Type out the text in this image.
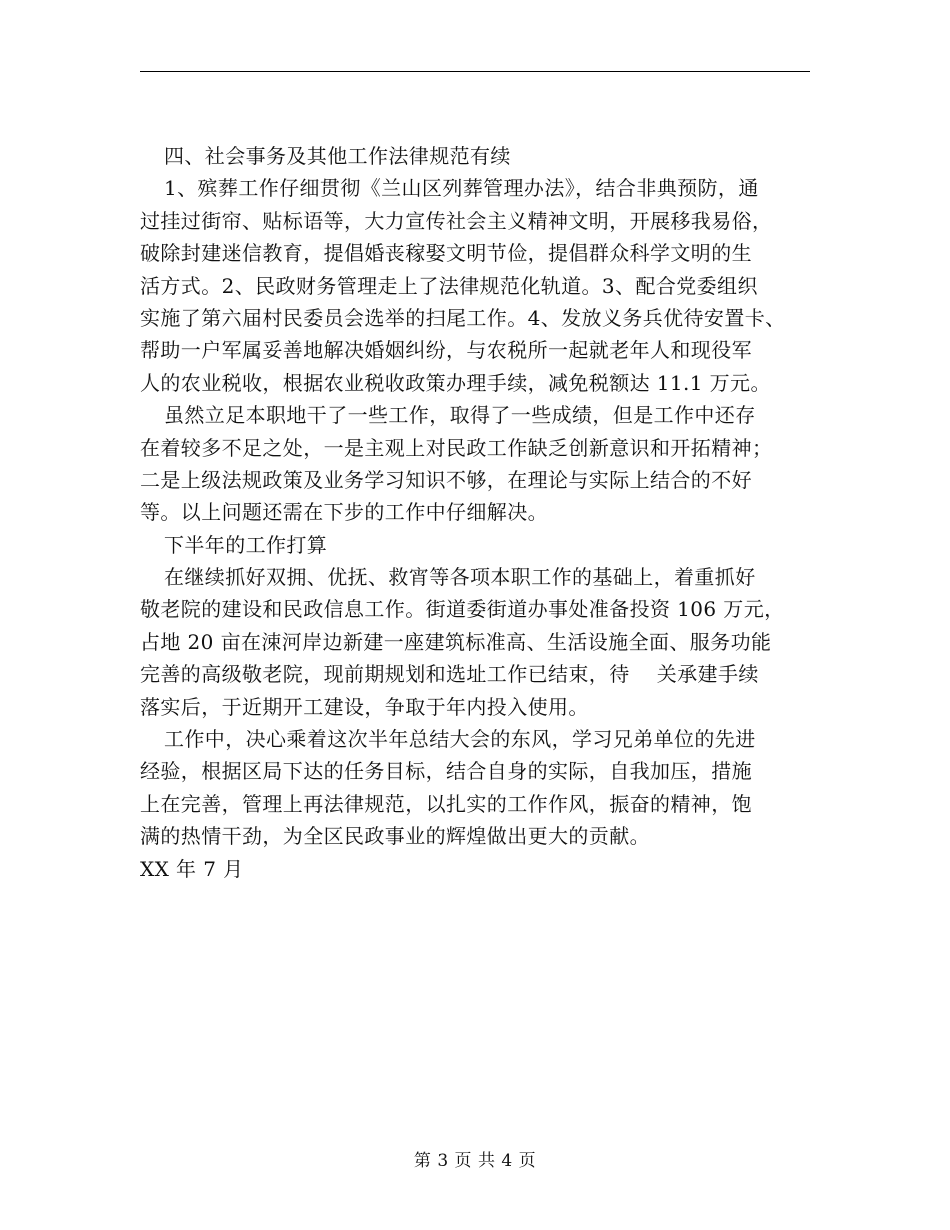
四、社会事务及其他工作法律规范有续
1、殡葬工作仔细贯彻《兰山区列葬管理办法》，结合非典预防，通
过挂过街帘、贴标语等，大力宣传社会主义精神文明，开展移我易俗，
破除封建迷信教育，提倡婚丧稼娶文明节俭，提倡群众科学文明的生
活方式。2、民政财务管理走上了法律规范化轨道。3、配合党委组织
实施了第六届村民委员会选举的扫尾工作。4、发放义务兵优待安置卡、
帮助一户军属妥善地解决婚姻纠纷，与农税所一起就老年人和现役军
人的农业税收，根据农业税收政策办理手续，减免税额达 11.1 万元。
虽然立足本职地干了一些工作，取得了一些成绩，但是工作中还存
在着较多不足之处，一是主观上对民政工作缺乏创新意识和开拓精神；
二是上级法规政策及业务学习知识不够，在理论与实际上结合的不好
等。以上问题还需在下步的工作中仔细解决。
下半年的工作打算
在继续抓好双拥、优抚、救宵等各项本职工作的基础上，着重抓好
敬老院的建设和民政信息工作。街道委街道办事处准备投资 106 万元，
占地 20 亩在涑河岸边新建一座建筑标准高、生活设施全面、服务功能
完善的高级敬老院，现前期规划和选址工作已结束，待　 关承建手续
落实后，于近期开工建设，争取于年内投入使用。
工作中，决心乘着这次半年总结大会的东风，学习兄弟单位的先进
经验，根据区局下达的任务目标，结合自身的实际，自我加压，措施
上在完善，管理上再法律规范，以扎实的工作作风，振奋的精神，饱
满的热情干劲，为全区民政事业的辉煌做出更大的贡献。
XX 年 7 月
第 3 页 共 4 页
